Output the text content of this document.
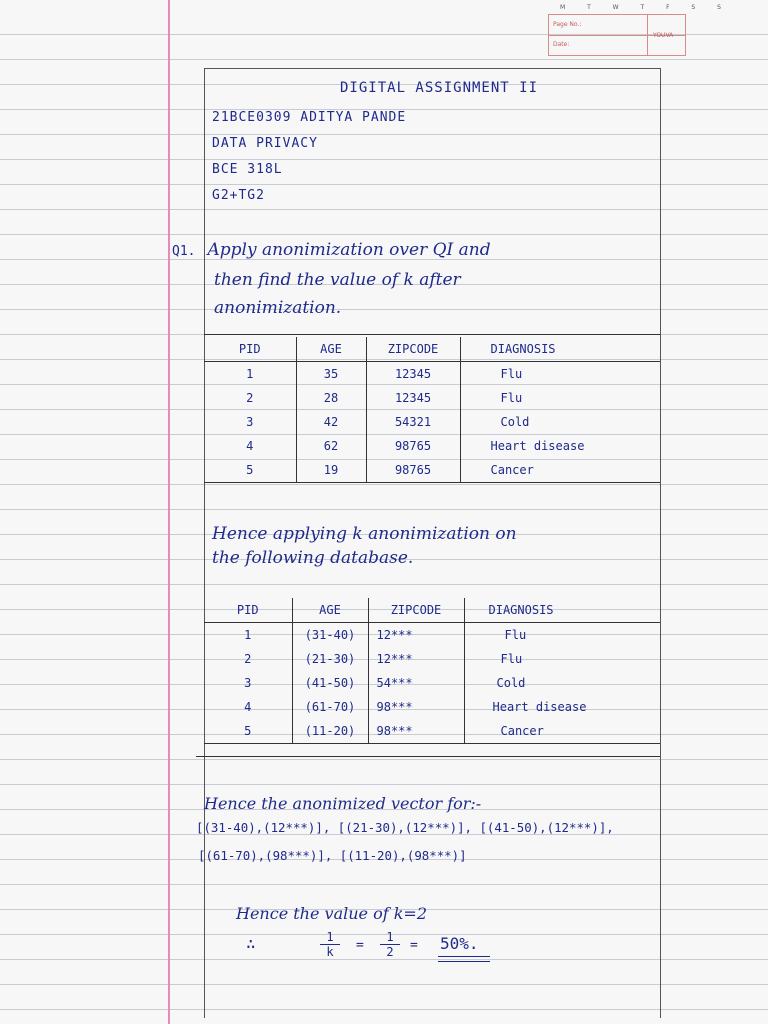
M T W T F S S
Page No.:
Date:
YOUVA
DIGITAL ASSIGNMENT II
21BCE0309 ADITYA PANDE
DATA PRIVACY
BCE 318L
G2+TG2
Q1. Apply anonimization over QI and
then find the value of k after
anonimization.
PID	AGE	ZIPCODE	DIAGNOSIS
1	35	12345	Flu
2	28	12345	Flu
3	42	54321	Cold
4	62	98765	Heart disease
5	19	98765	Cancer
Hence applying k anonimization on
the following database.
PID	AGE	ZIPCODE	DIAGNOSIS
1	(31-40)	12***	Flu
2	(21-30)	12***	Flu
3	(41-50)	54***	Cold
4	(61-70)	98***	Heart disease
5	(11-20)	98***	Cancer
Hence the anonimized vector for:-
[(31-40),(12***)], [(21-30),(12***)], [(41-50),(12***)],
[(61-70),(98***)], [(11-20),(98***)]
Hence the value of k=2
∴	$\frac{1}{k} = \frac{1}{2} = 50\%$.
